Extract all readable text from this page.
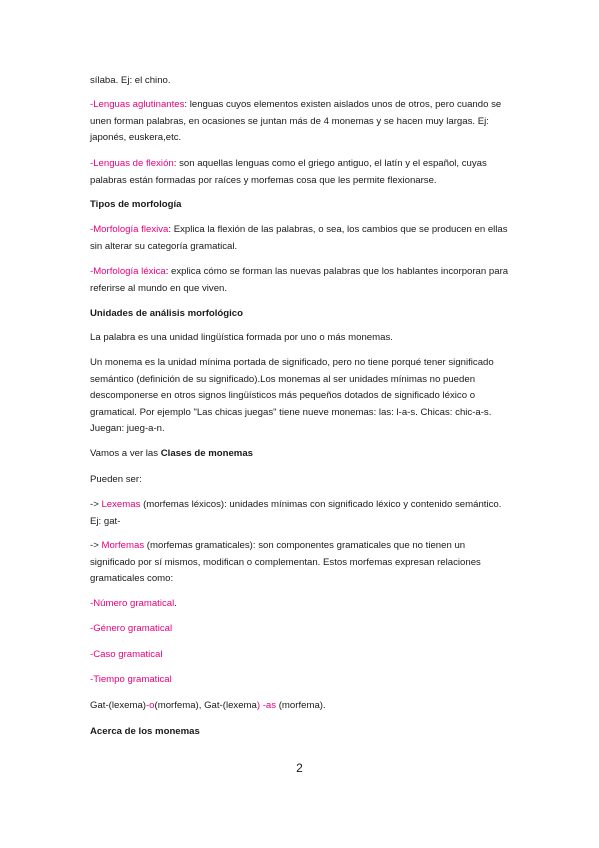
sílaba. Ej: el chino.

-Lenguas aglutinantes: lenguas cuyos elementos existen aislados unos de otros, pero cuando se unen forman palabras, en ocasiones se juntan más de 4 monemas y se hacen muy largas. Ej: japonés, euskera,etc.

-Lenguas de flexión: son aquellas lenguas como el griego antiguo, el latín y el español, cuyas palabras están formadas por raíces y morfemas cosa que les permite flexionarse.

Tipos de morfología

-Morfología flexiva: Explica la flexión de las palabras, o sea, los cambios que se producen en ellas sin alterar su categoría gramatical.

-Morfología léxica: explica cómo se forman las nuevas palabras que los hablantes incorporan para referirse al mundo en que viven.

Unidades de análisis morfológico

La palabra es una unidad lingüística formada por uno o más monemas.

Un monema es la unidad mínima portada de significado, pero no tiene porqué tener significado semántico (definición de su significado).Los monemas al ser unidades mínimas no pueden descomponerse en otros signos lingüísticos más pequeños dotados de significado léxico o gramatical. Por ejemplo "Las chicas juegas" tiene nueve monemas: las: l-a-s. Chicas: chic-a-s. Juegan: jueg-a-n.

Vamos a ver las Clases de monemas

Pueden ser:

-> Lexemas (morfemas léxicos): unidades mínimas con significado léxico y contenido semántico. Ej: gat-

-> Morfemas (morfemas gramaticales): son componentes gramaticales que no tienen un significado por sí mismos, modifican o complementan. Estos morfemas expresan relaciones gramaticales como:

-Número gramatical.

-Género gramatical

-Caso gramatical

-Tiempo gramatical

Gat-(lexema)-o(morfema), Gat-(lexema) -as (morfema).

Acerca de los monemas

2
